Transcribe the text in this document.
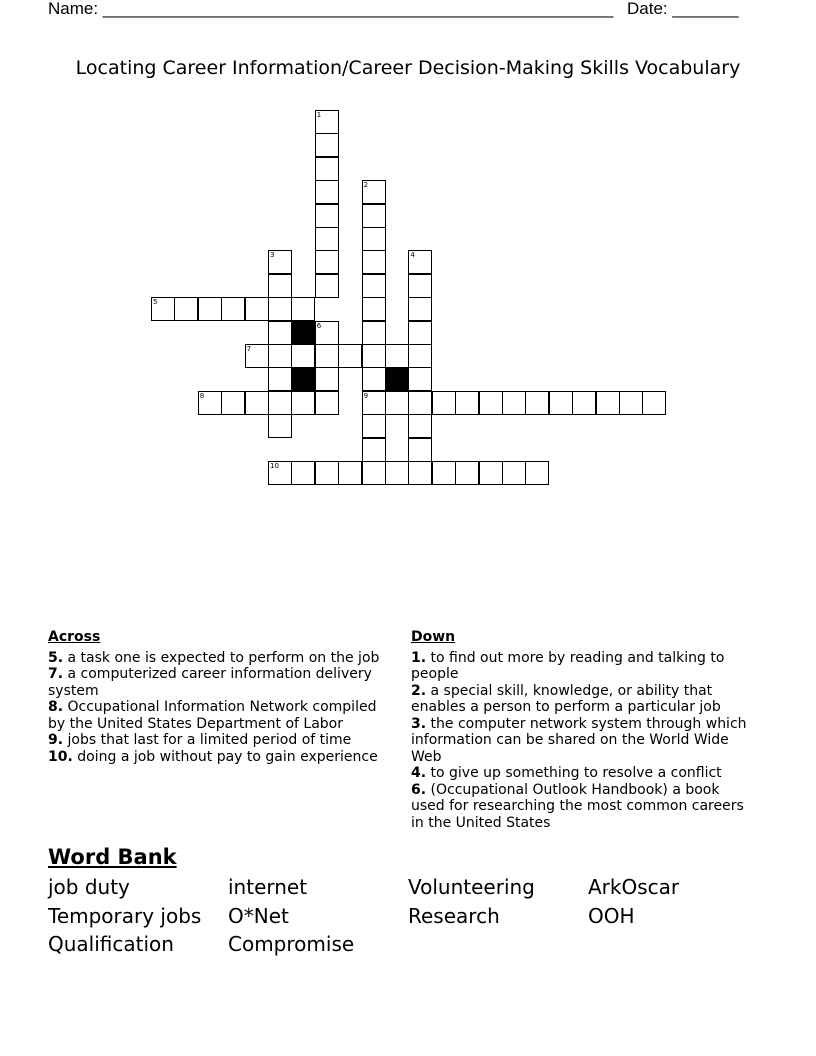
Name: ______________________________________________________ Date: _______
Locating Career Information/Career Decision-Making Skills Vocabulary
1
2
9
3	4
6
5
7
8
10
Across
5. a task one is expected to perform on the job
7. a computerized career information delivery system
8. Occupational Information Network compiled by the United States Department of Labor
9. jobs that last for a limited period of time
10. doing a job without pay to gain experience
Down
1. to find out more by reading and talking to people
2. a special skill, knowledge, or ability that enables a person to perform a particular job
3. the computer network system through which information can be shared on the World Wide Web
4. to give up something to resolve a conflict
6. (Occupational Outlook Handbook) a book used for researching the most common careers in the United States
Word Bank
job duty	internet	Volunteering	ArkOscar
Temporary jobs O*Net	Research	OOH
Qualification	Compromise
